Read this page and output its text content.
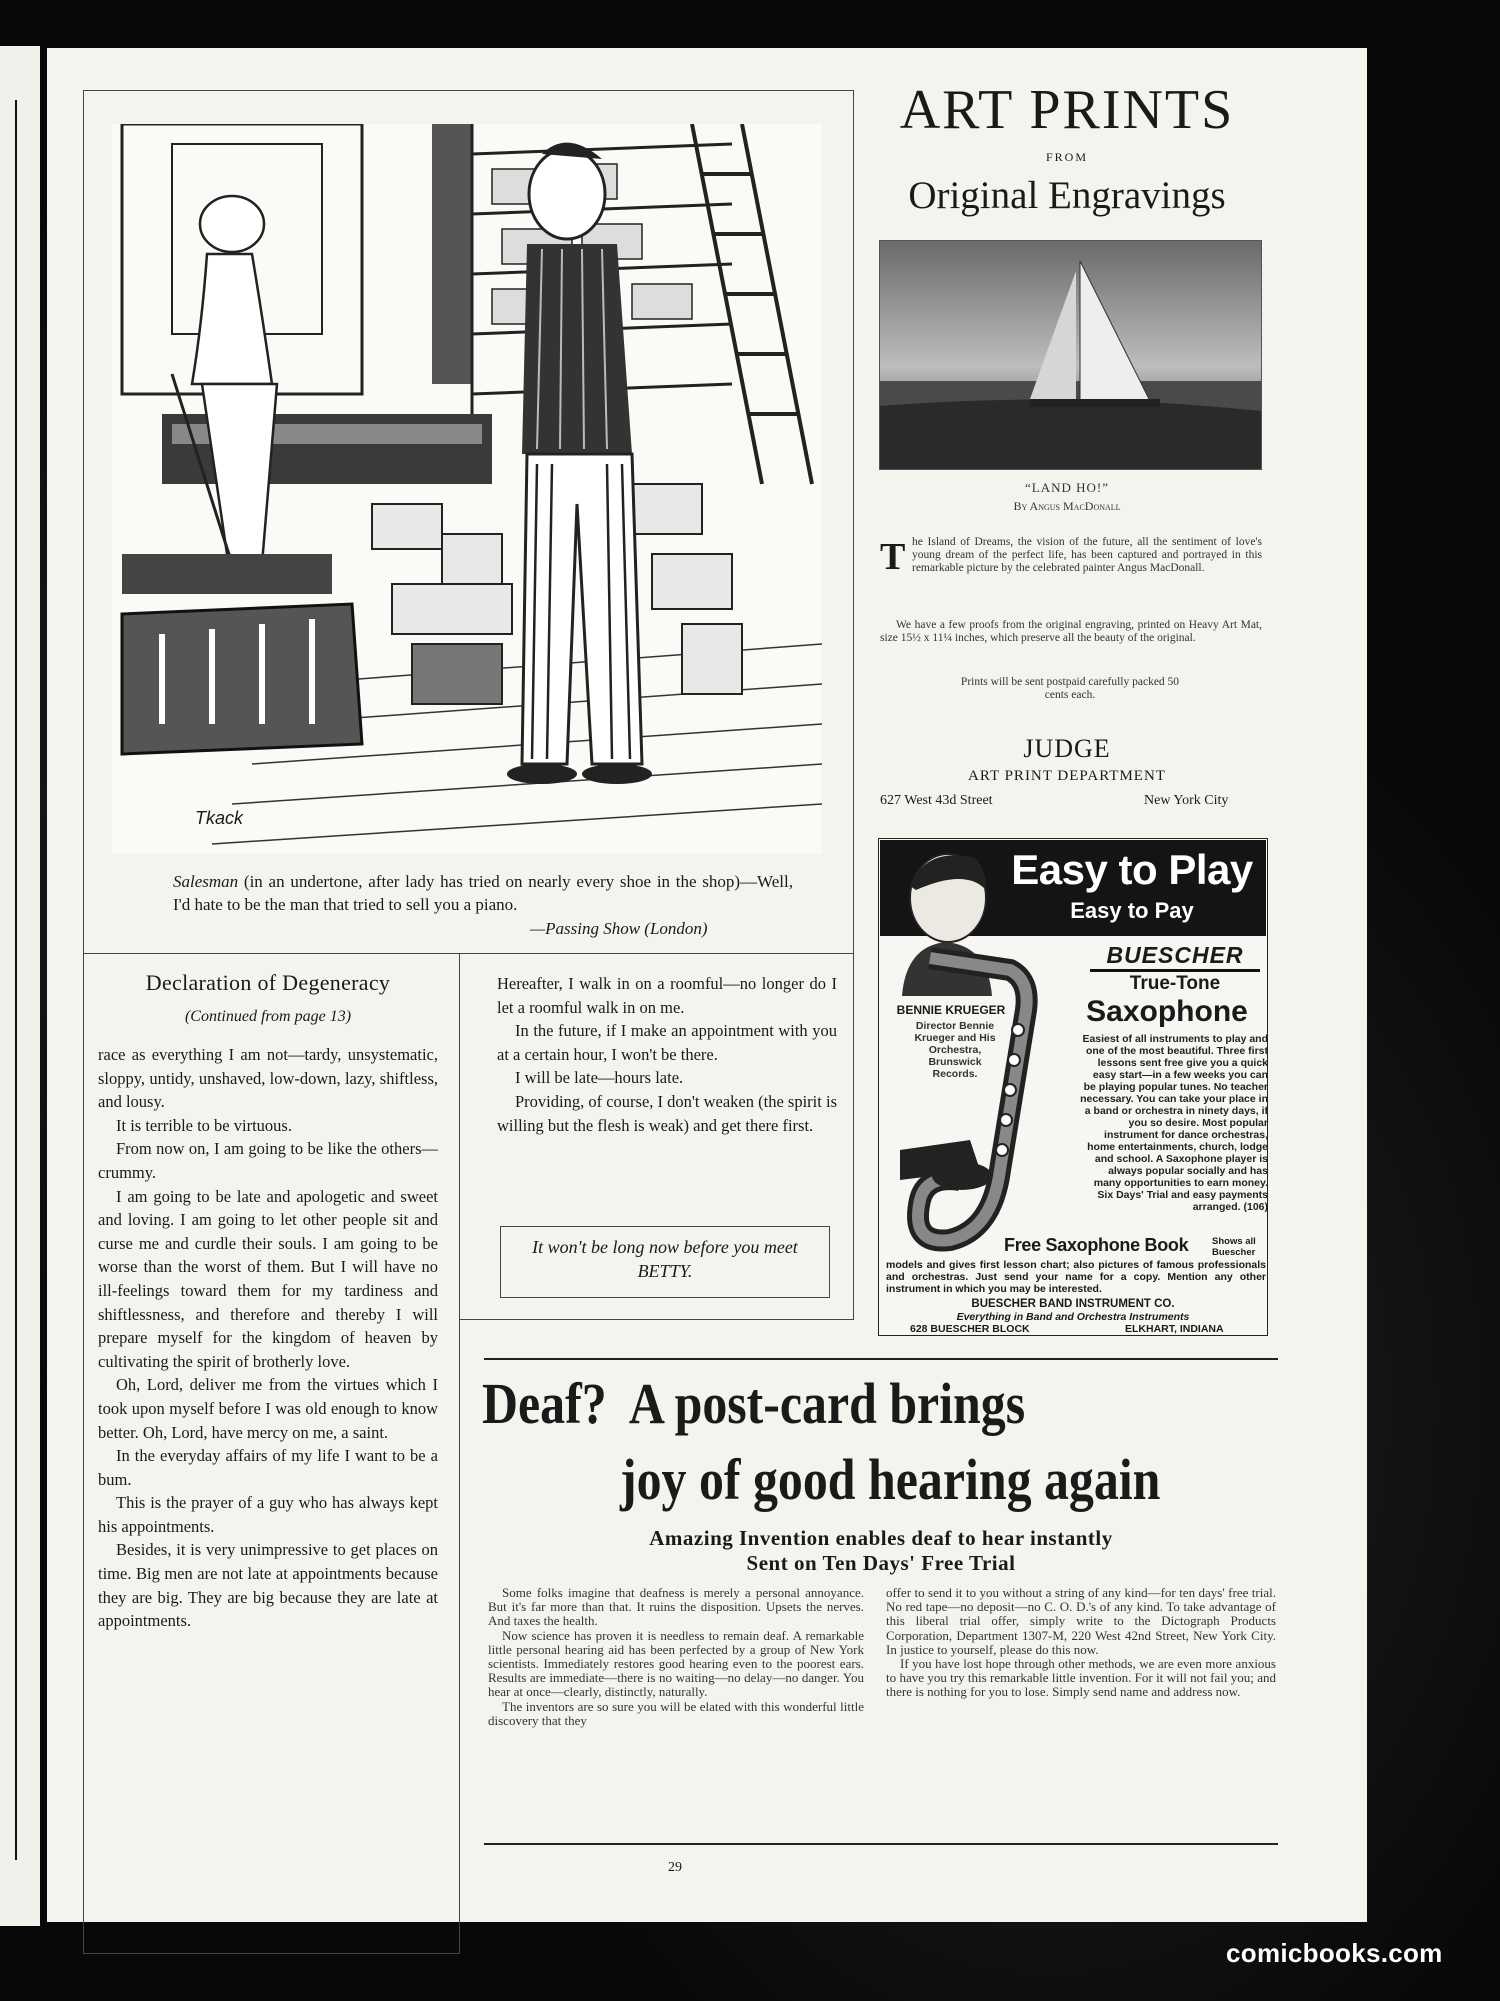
Tkack
Salesman (in an undertone, after lady has tried on nearly every shoe in the shop)—Well, I'd hate to be the man that tried to sell you a piano.
—Passing Show (London)
Declaration of Degeneracy
(Continued from page 13)

race as everything I am not—tardy, unsystematic, sloppy, untidy, unshaved, low-down, lazy, shiftless, and lousy.

It is terrible to be virtuous.

From now on, I am going to be like the others—crummy.

I am going to be late and apologetic and sweet and loving. I am going to let other people sit and curse me and curdle their souls. I am going to be worse than the worst of them. But I will have no ill-feelings toward them for my tardiness and shiftlessness, and therefore and thereby I will prepare myself for the kingdom of heaven by cultivating the spirit of brotherly love.

Oh, Lord, deliver me from the virtues which I took upon myself before I was old enough to know better. Oh, Lord, have mercy on me, a saint.

In the everyday affairs of my life I want to be a bum.

This is the prayer of a guy who has always kept his appointments.

Besides, it is very unimpressive to get places on time. Big men are not late at appointments because they are big. They are big because they are late at appointments.

Hereafter, I walk in on a roomful—no longer do I let a roomful walk in on me.

In the future, if I make an appointment with you at a certain hour, I won't be there.

I will be late—hours late.

Providing, of course, I don't weaken (the spirit is willing but the flesh is weak) and get there first.

It won't be long now before you meet BETTY.
ART PRINTS
FROM
Original Engravings
“LAND HO!”
By Angus MacDonall
T he Island of Dreams, the vision of the future, all the sentiment of love's young dream of the perfect life, has been captured and portrayed in this remarkable picture by the celebrated painter Angus MacDonall.
We have a few proofs from the original engraving, printed on Heavy Art Mat, size 15½ x 11¼ inches, which preserve all the beauty of the original.
Prints will be sent postpaid carefully packed 50 cents each.
JUDGE
ART PRINT DEPARTMENT
627 West 43d Street	New York City
Easy to Play
Easy to Pay
BUESCHER
True-Tone
Saxophone
BENNIE KRUEGER
Director Bennie Krueger and His Orchestra, Brunswick Records.
Easiest of all instruments to play and one of the most beautiful. Three first lessons sent free give you a quick easy start—in a few weeks you can be playing popular tunes. No teacher necessary. You can take your place in a band or orchestra in ninety days, if you so desire. Most popular instrument for dance orchestras, home entertainments, church, lodge and school. A Saxophone player is always popular socially and has many opportunities to earn money. Six Days' Trial and easy payments arranged. (106)
Free Saxophone Book Shows all Buescher
models and gives first lesson chart; also pictures of famous professionals and orchestras. Just send your name for a copy. Mention any other instrument in which you may be interested.
BUESCHER BAND INSTRUMENT CO.
Everything in Band and Orchestra Instruments
628 BUESCHER BLOCK	ELKHART, INDIANA
Deaf?  A post-card brings
joy of good hearing again
Amazing Invention enables deaf to hear instantly
Sent on Ten Days' Free Trial

Some folks imagine that deafness is merely a personal annoyance. But it's far more than that. It ruins the disposition. Upsets the nerves. And taxes the health.

Now science has proven it is needless to remain deaf. A remarkable little personal hearing aid has been perfected by a group of New York scientists. Immediately restores good hearing even to the poorest ears. Results are immediate—there is no waiting—no delay—no danger. You hear at once—clearly, distinctly, naturally.

The inventors are so sure you will be elated with this wonderful little discovery that they

offer to send it to you without a string of any kind—for ten days' free trial. No red tape—no deposit—no C. O. D.'s of any kind. To take advantage of this liberal trial offer, simply write to the Dictograph Products Corporation, Department 1307-M, 220 West 42nd Street, New York City. In justice to yourself, please do this now.

If you have lost hope through other methods, we are even more anxious to have you try this remarkable little invention. For it will not fail you; and there is nothing for you to lose. Simply send name and address now.

29
comicbooks.com
